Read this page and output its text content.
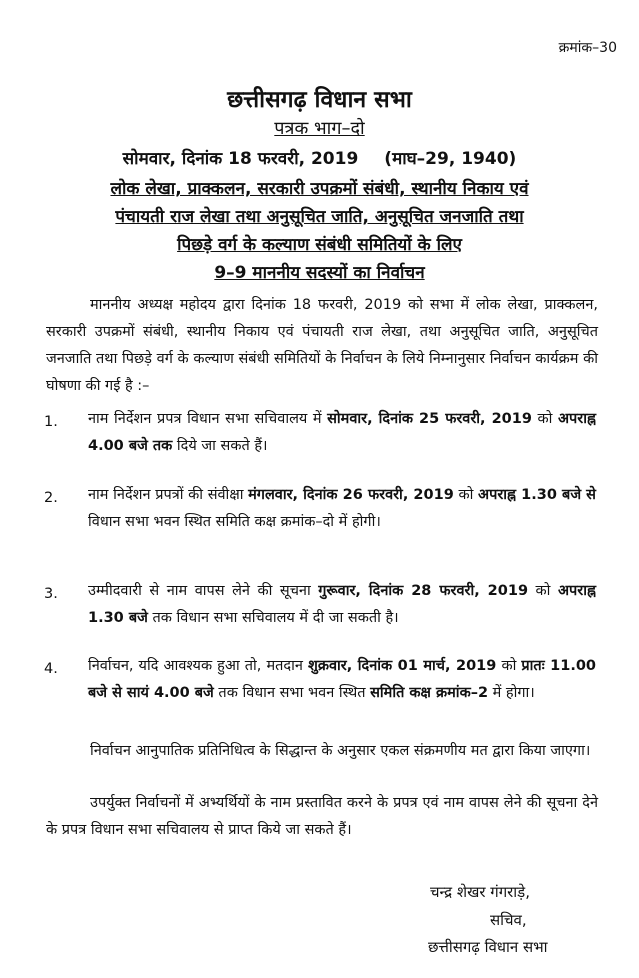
क्रमांक–30
छत्तीसगढ़ विधान सभा
पत्रक भाग–दो
सोमवार, दिनांक 18 फरवरी, 2019 (माघ–29, 1940)
लोक लेखा, प्राक्कलन, सरकारी उपक्रमों संबंधी, स्थानीय निकाय एवं
पंचायती राज लेखा तथा अनुसूचित जाति, अनुसूचित जनजाति तथा
पिछड़े वर्ग के कल्याण संबंधी समितियों के लिए
9–9 माननीय सदस्यों का निर्वाचन
माननीय अध्यक्ष महोदय द्वारा दिनांक 18 फरवरी, 2019 को सभा में लोक लेखा, प्राक्कलन, सरकारी उपक्रमों संबंधी, स्थानीय निकाय एवं पंचायती राज लेखा, तथा अनुसूचित जाति, अनुसूचित जनजाति तथा पिछड़े वर्ग के कल्याण संबंधी समितियों के निर्वाचन के लिये निम्नानुसार निर्वाचन कार्यक्रम की घोषणा की गई है :–
1. नाम निर्देशन प्रपत्र विधान सभा सचिवालय में सोमवार, दिनांक 25 फरवरी, 2019 को अपराह्न 4.00 बजे तक दिये जा सकते हैं।
2. नाम निर्देशन प्रपत्रों की संवीक्षा मंगलवार, दिनांक 26 फरवरी, 2019 को अपराह्न 1.30 बजे से विधान सभा भवन स्थित समिति कक्ष क्रमांक–दो में होगी।
3. उम्मीदवारी से नाम वापस लेने की सूचना गुरूवार, दिनांक 28 फरवरी, 2019 को अपराह्न 1.30 बजे तक विधान सभा सचिवालय में दी जा सकती है।
4. निर्वाचन, यदि आवश्यक हुआ तो, मतदान शुक्रवार, दिनांक 01 मार्च, 2019 को प्रातः 11.00 बजे से सायं 4.00 बजे तक विधान सभा भवन स्थित समिति कक्ष क्रमांक–2 में होगा।
निर्वाचन आनुपातिक प्रतिनिधित्व के सिद्धान्त के अनुसार एकल संक्रमणीय मत द्वारा किया जाएगा।
उपर्युक्त निर्वाचनों में अभ्यर्थियों के नाम प्रस्तावित करने के प्रपत्र एवं नाम वापस लेने की सूचना देने के प्रपत्र विधान सभा सचिवालय से प्राप्त किये जा सकते हैं।
चन्द्र शेखर गंगराड़े,
सचिव,
छत्तीसगढ़ विधान सभा
